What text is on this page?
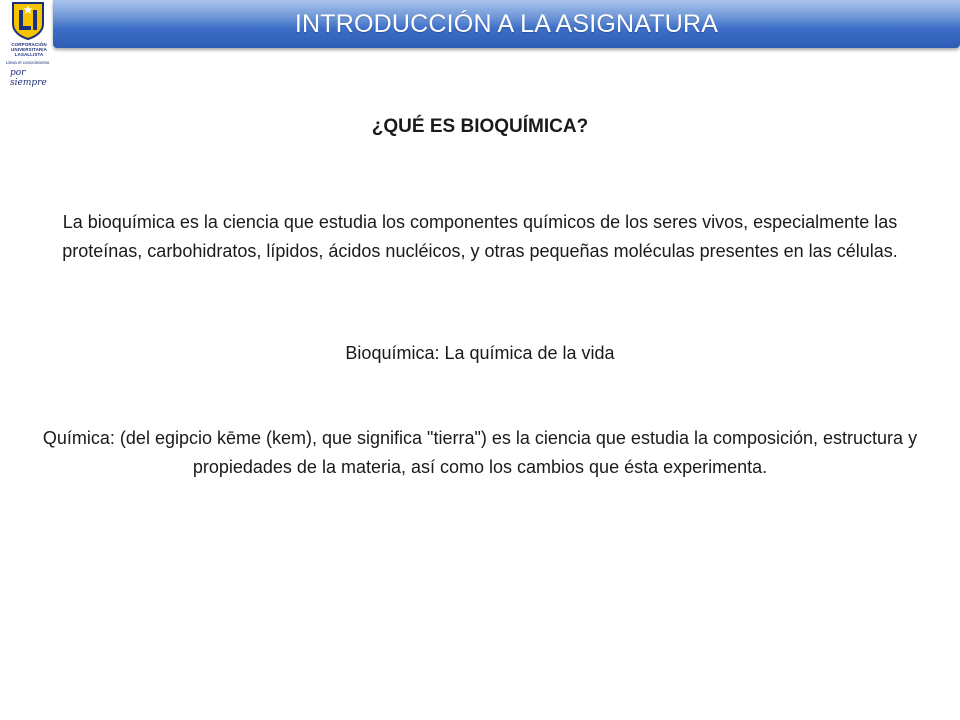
CORPORACIÓN
UNIVERSITARIA
LASALLISTA
Lleva el conocimiento
por siempre
INTRODUCCIÓN A LA ASIGNATURA
¿QUÉ ES BIOQUÍMICA?
La bioquímica es la ciencia que estudia los componentes químicos de los seres vivos, especialmente las proteínas, carbohidratos, lípidos, ácidos nucléicos, y otras pequeñas moléculas presentes en las células.
Bioquímica: La química de la vida
Química: (del egipcio kēme (kem), que significa "tierra") es la ciencia que estudia la composición, estructura y propiedades de la materia, así como los cambios que ésta experimenta.
